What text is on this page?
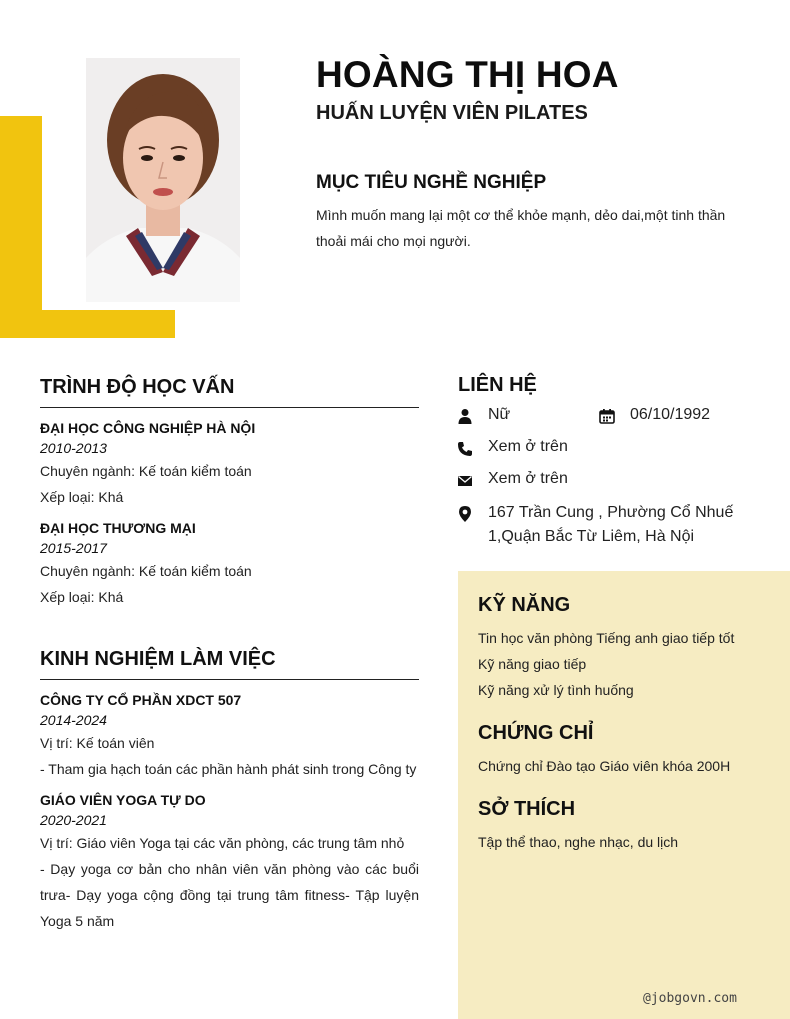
HOÀNG THỊ HOA
HUẤN LUYỆN VIÊN PILATES
MỤC TIÊU NGHỀ NGHIỆP
Mình muốn mang lại một cơ thể khỏe mạnh, dẻo dai,một tinh thần thoải mái cho mọi người.
TRÌNH ĐỘ HỌC VẤN
ĐẠI HỌC CÔNG NGHIỆP HÀ NỘI
2010-2013
Chuyên ngành: Kế toán kiểm toán
Xếp loại: Khá
ĐẠI HỌC THƯƠNG MẠI
2015-2017
Chuyên ngành: Kế toán kiểm toán
Xếp loại: Khá
KINH NGHIỆM LÀM VIỆC
CÔNG TY CỔ PHẦN XDCT 507
2014-2024
Vị trí: Kế toán viên
- Tham gia hạch toán các phần hành phát sinh trong Công ty
GIÁO VIÊN YOGA TỰ DO
2020-2021
Vị trí: Giáo viên Yoga tại các văn phòng, các trung tâm nhỏ
- Dạy yoga cơ bản cho nhân viên văn phòng vào các buổi trưa- Dạy yoga cộng đồng tại trung tâm fitness- Tập luyện Yoga 5 năm
LIÊN HỆ
Nữ	06/10/1992
Xem ở trên
Xem ở trên
167 Trần Cung , Phường Cổ Nhuế 1,Quận Bắc Từ Liêm, Hà Nội
KỸ NĂNG
Tin học văn phòng Tiếng anh giao tiếp tốt
Kỹ năng giao tiếp
Kỹ năng xử lý tình huống
CHỨNG CHỈ
Chứng chỉ Đào tạo Giáo viên khóa 200H
SỞ THÍCH
Tập thể thao, nghe nhạc, du lịch
@jobgovn.com
